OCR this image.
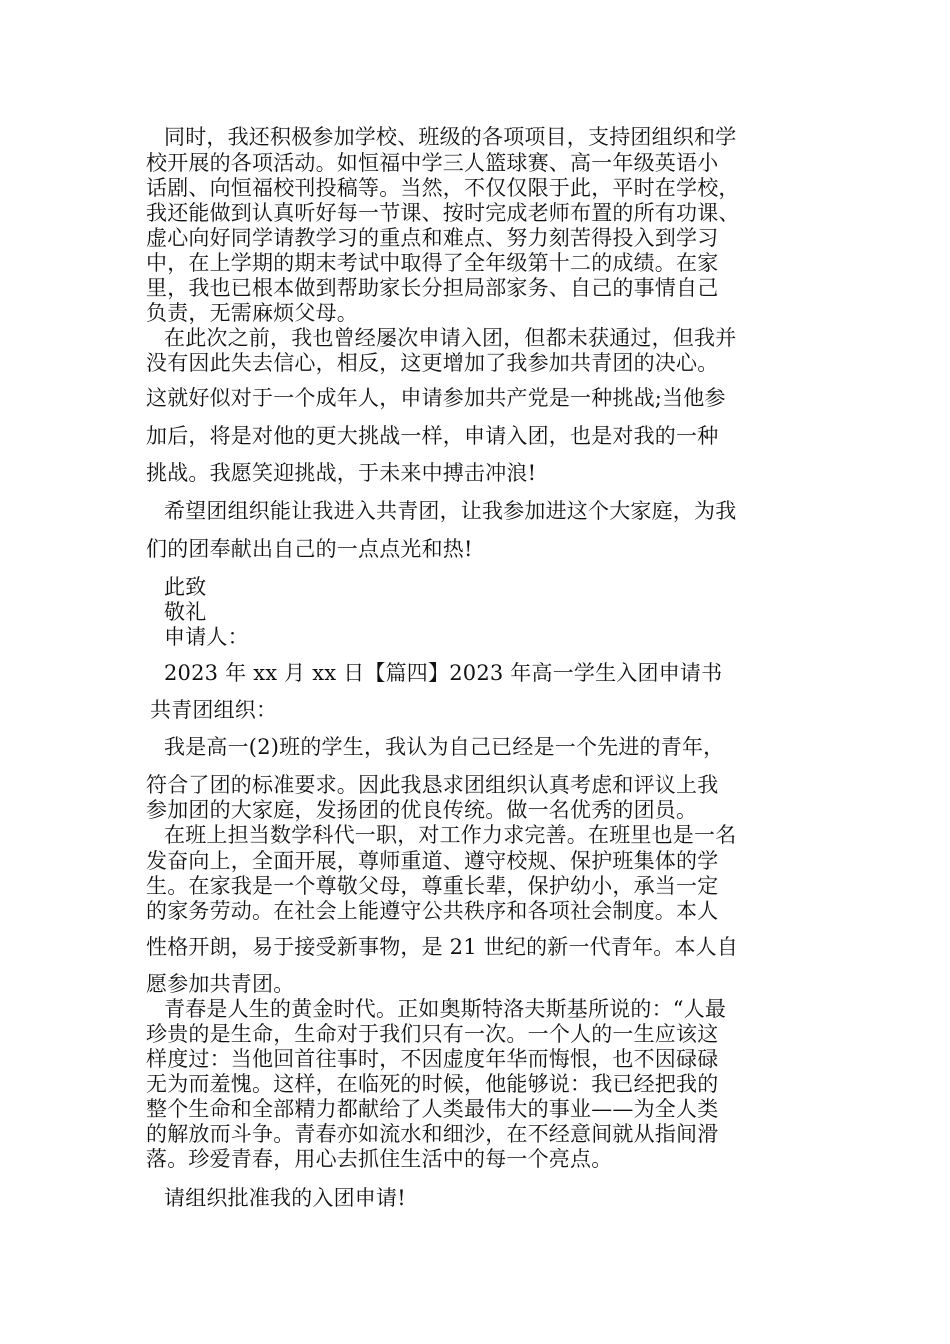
同时，我还积极参加学校、班级的各项项目，支持团组织和学
校开展的各项活动。如恒福中学三人篮球赛、高一年级英语小
话剧、向恒福校刊投稿等。当然，不仅仅限于此，平时在学校，
我还能做到认真听好每一节课、按时完成老师布置的所有功课、
虚心向好同学请教学习的重点和难点、努力刻苦得投入到学习
中，在上学期的期末考试中取得了全年级第十二的成绩。在家
里，我也已根本做到帮助家长分担局部家务、自己的事情自己
负责，无需麻烦父母。
在此次之前，我也曾经屡次申请入团，但都未获通过，但我并
没有因此失去信心，相反，这更增加了我参加共青团的决心。
这就好似对于一个成年人，申请参加共产党是一种挑战;当他参
加后，将是对他的更大挑战一样，申请入团，也是对我的一种
挑战。我愿笑迎挑战，于未来中搏击冲浪!
希望团组织能让我进入共青团，让我参加进这个大家庭，为我
们的团奉献出自己的一点点光和热!
此致
敬礼
申请人：
2023 年 xx 月 xx 日【篇四】2023 年高一学生入团申请书
共青团组织：
我是高一(2)班的学生，我认为自己已经是一个先进的青年，
符合了团的标准要求。因此我恳求团组织认真考虑和评议上我
参加团的大家庭，发扬团的优良传统。做一名优秀的团员。
在班上担当数学科代一职，对工作力求完善。在班里也是一名
发奋向上，全面开展，尊师重道、遵守校规、保护班集体的学
生。在家我是一个尊敬父母，尊重长辈，保护幼小，承当一定
的家务劳动。在社会上能遵守公共秩序和各项社会制度。本人
性格开朗，易于接受新事物，是 21 世纪的新一代青年。本人自
愿参加共青团。
青春是人生的黄金时代。正如奥斯特洛夫斯基所说的：“人最
珍贵的是生命，生命对于我们只有一次。一个人的一生应该这
样度过：当他回首往事时，不因虚度年华而悔恨，也不因碌碌
无为而羞愧。这样，在临死的时候，他能够说：我已经把我的
整个生命和全部精力都献给了人类最伟大的事业——为全人类
的解放而斗争。青春亦如流水和细沙，在不经意间就从指间滑
落。珍爱青春，用心去抓住生活中的每一个亮点。
请组织批准我的入团申请!
